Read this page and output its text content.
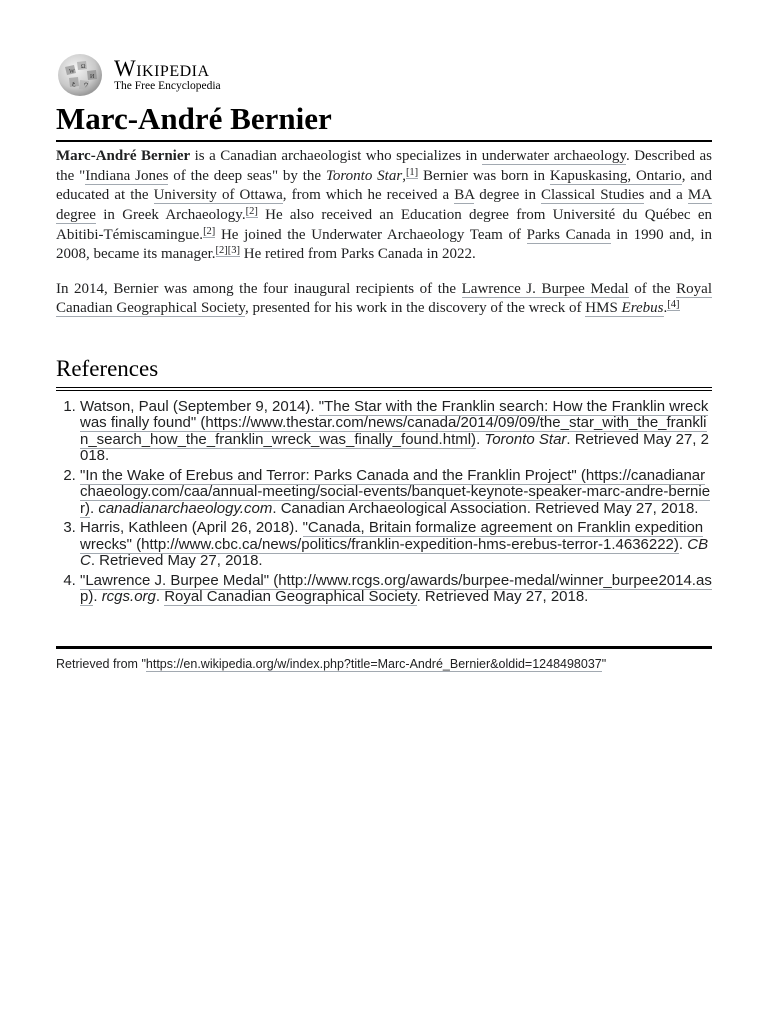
W
Ω
И
ع ウ
Wikipedia
The Free Encyclopedia
Marc-André Bernier

Marc-André Bernier is a Canadian archaeologist who specializes in underwater archaeology. Described as the "Indiana Jones of the deep seas" by the Toronto Star,[1] Bernier was born in Kapuskasing, Ontario, and educated at the University of Ottawa, from which he received a BA degree in Classical Studies and a MA degree in Greek Archaeology.[2] He also received an Education degree from Université du Québec en Abitibi-Témiscamingue.[2] He joined the Underwater Archaeology Team of Parks Canada in 1990 and, in 2008, became its manager.[2][3] He retired from Parks Canada in 2022.

In 2014, Bernier was among the four inaugural recipients of the Lawrence J. Burpee Medal of the Royal Canadian Geographical Society, presented for his work in the discovery of the wreck of HMS Erebus.[4]

References
1. Watson, Paul (September 9, 2014). "The Star with the Franklin search: How the Franklin wreck was finally found" (https://www.thestar.com/news/canada/2014/09/09/the_star_with_the_franklin_search_how_the_franklin_wreck_was_finally_found.html). Toronto Star. Retrieved May 27, 2018.
2. "In the Wake of Erebus and Terror: Parks Canada and the Franklin Project" (https://canadianarchaeology.com/caa/annual-meeting/social-events/banquet-keynote-speaker-marc-andre-bernier). canadianarchaeology.com. Canadian Archaeological Association. Retrieved May 27, 2018.
3. Harris, Kathleen (April 26, 2018). "Canada, Britain formalize agreement on Franklin expedition wrecks" (http://www.cbc.ca/news/politics/franklin-expedition-hms-erebus-terror-1.4636222). CBC. Retrieved May 27, 2018.
4. "Lawrence J. Burpee Medal" (http://www.rcgs.org/awards/burpee-medal/winner_burpee2014.asp). rcgs.org. Royal Canadian Geographical Society. Retrieved May 27, 2018.
Retrieved from "https://en.wikipedia.org/w/index.php?title=Marc-André_Bernier&oldid=1248498037"
